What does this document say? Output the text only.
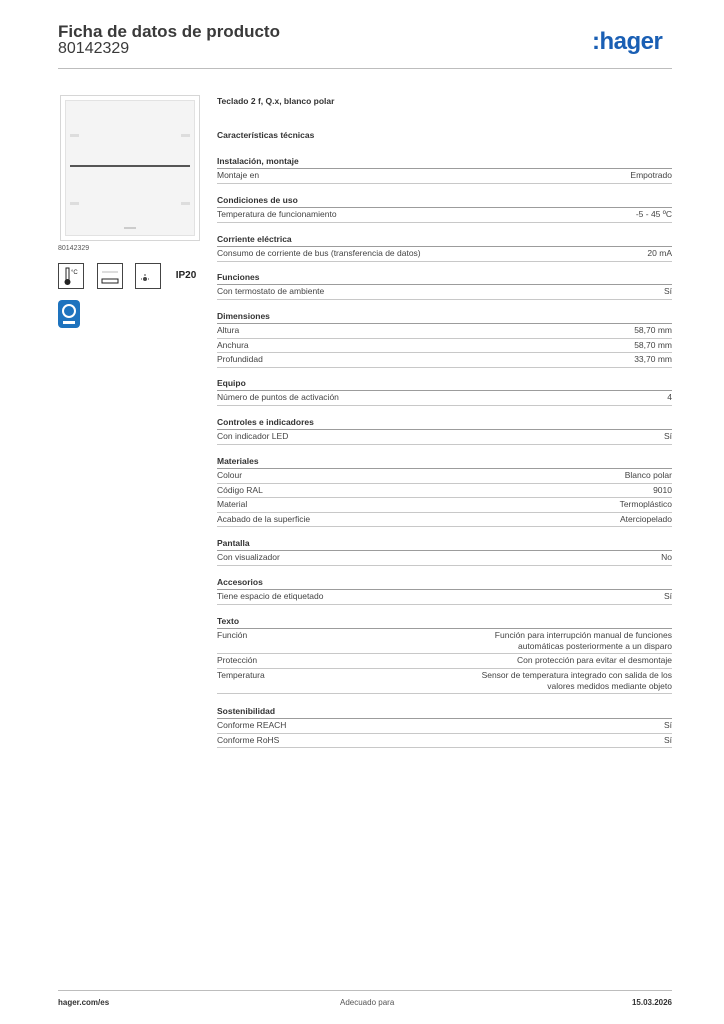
Ficha de datos de producto
80142329	:hager
80142329
°C	IP20
Teclado 2 f, Q.x, blanco polar
Características técnicas
Instalación, montaje
Montaje en	Empotrado
Condiciones de uso
Temperatura de funcionamiento	-5 - 45 ºC
Corriente eléctrica
Consumo de corriente de bus (transferencia de datos)	20 mA
Funciones
Con termostato de ambiente	Sí
Dimensiones
Altura	58,70 mm
Anchura	58,70 mm
Profundidad	33,70 mm
Equipo
Número de puntos de activación	4
Controles e indicadores
Con indicador LED	Sí
Materiales
Colour	Blanco polar
Código RAL	9010
Material	Termoplástico
Acabado de la superficie	Aterciopelado
Pantalla
Con visualizador	No
Accesorios
Tiene espacio de etiquetado	Sí
Texto
Función	Función para interrupción manual de funciones automáticas posteriormente a un disparo
Protección	Con protección para evitar el desmontaje
Temperatura	Sensor de temperatura integrado con salida de los valores medidos mediante objeto
Sostenibilidad
Conforme REACH	Sí
Conforme RoHS	Sí
hager.com/es	Adecuado para	15.03.2026
